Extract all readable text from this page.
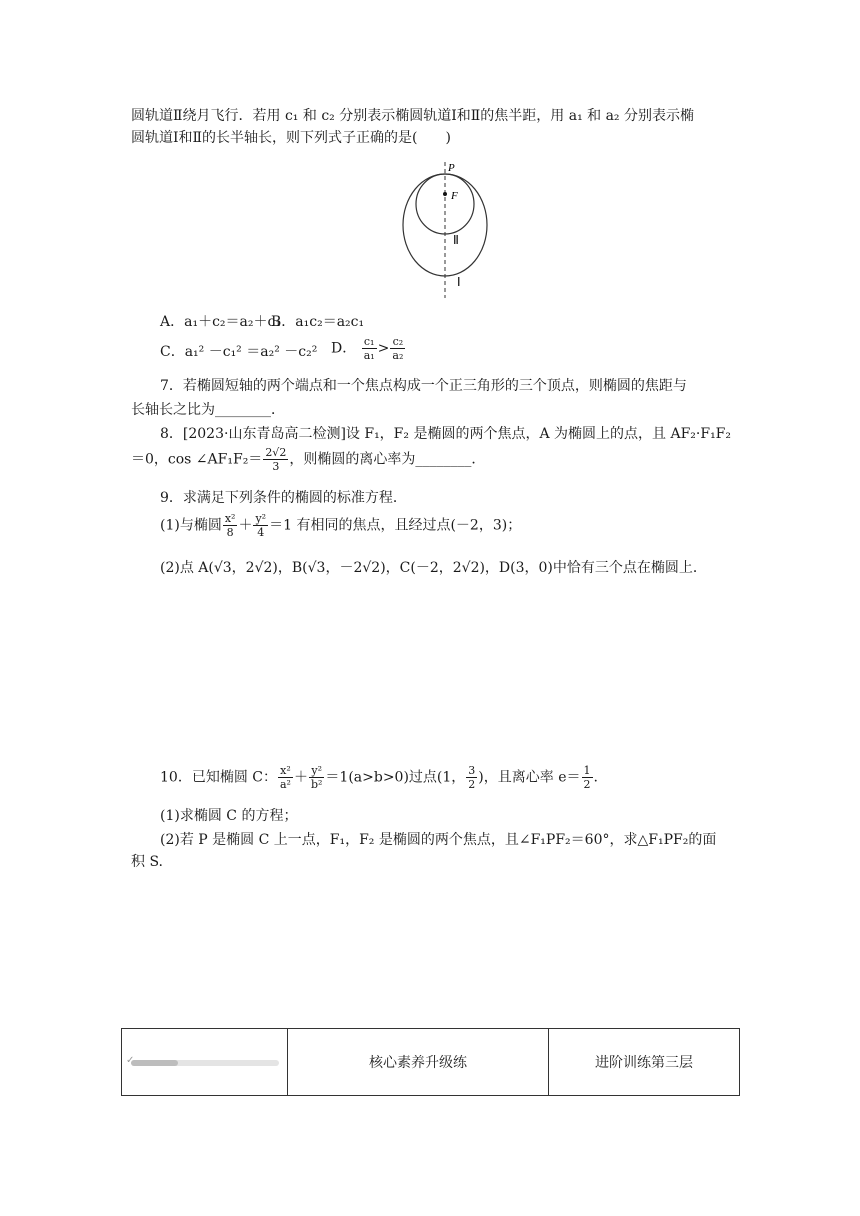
圆轨道Ⅱ绕月飞行．若用 c₁ 和 c₂ 分别表示椭圆轨道Ⅰ和Ⅱ的焦半距，用 a₁ 和 a₂ 分别表示椭
圆轨道Ⅰ和Ⅱ的长半轴长，则下列式子正确的是(　　)
P
F
Ⅱ
Ⅰ
A．a₁＋c₂＝a₂＋c₁
B．a₁c₂＝a₂c₁
C．a₁² －c₁² ＝a₂² －c₂² D． $\frac{\text{c₁}}{\text{a₁}} > \frac{\text{c₂}}{\text{a₂}}$
7．若椭圆短轴的两个端点和一个焦点构成一个正三角形的三个顶点，则椭圆的焦距与
长轴长之比为________．
8．[2023·山东青岛高二检测]设 F₁，F₂ 是椭圆的两个焦点，A 为椭圆上的点，且 AF₂·F₁F₂
＝0，cos ∠AF₁F₂＝ $\frac{2√2}{3}$ ，则椭圆的离心率为________．
9．求满足下列条件的椭圆的标准方程．
(1)与椭圆 $\frac{\text{x²}}{8} + \frac{\text{y²}}{4} =1$ 有相同的焦点，且经过点(－2，3)；
(2)点 A(√3，2√2)，B(√3，－2√2)，C(－2，2√2)，D(3，0)中恰有三个点在椭圆上．
10．已知椭圆 C： $\frac{\text{x²}}{\text{a²}} + \frac{\text{y²}}{\text{b²}} =1(a>b>0)$过点(1， $\frac{3}{2}$ )，且离心率 $e= \frac{1}{2}$ .
(1)求椭圆 C 的方程；
(2)若 P 是椭圆 C 上一点，F₁，F₂ 是椭圆的两个焦点，且∠F₁PF₂＝60°，求△F₁PF₂的面
积 S.
	核心素养升级练	进阶训练第三层
✓
